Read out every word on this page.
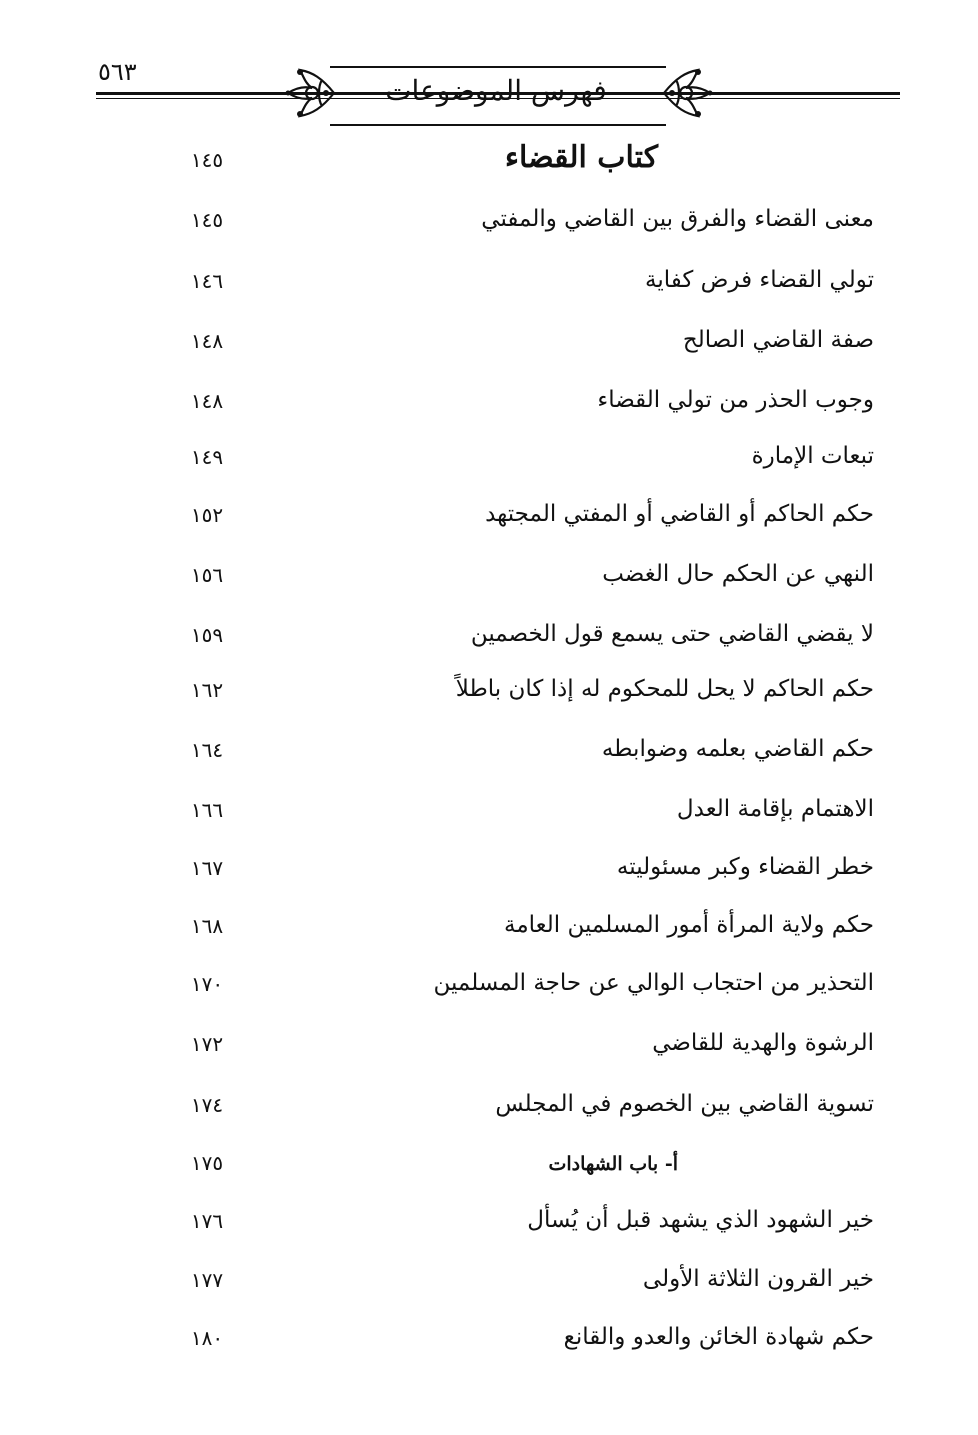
٥٦٣
فهرس الموضوعات
كتاب القضاء
١٤٥
معنى القضاء والفرق بين القاضي والمفتي
١٤٥
تولي القضاء فرض كفاية
١٤٦
صفة القاضي الصالح
١٤٨
وجوب الحذر من تولي القضاء
١٤٨
تبعات الإمارة
١٤٩
حكم الحاكم أو القاضي أو المفتي المجتهد
١٥٢
النهي عن الحكم حال الغضب
١٥٦
لا يقضي القاضي حتى يسمع قول الخصمين
١٥٩
حكم الحاكم لا يحل للمحكوم له إذا كان باطلاً
١٦٢
حكم القاضي بعلمه وضوابطه
١٦٤
الاهتمام بإقامة العدل
١٦٦
خطر القضاء وكبر مسئوليته
١٦٧
حكم ولاية المرأة أمور المسلمين العامة
١٦٨
التحذير من احتجاب الوالي عن حاجة المسلمين
١٧٠
الرشوة والهدية للقاضي
١٧٢
تسوية القاضي بين الخصوم في المجلس
١٧٤
أ- باب الشهادات
١٧٥
خير الشهود الذي يشهد قبل أن يُسأل
١٧٦
خير القرون الثلاثة الأولى
١٧٧
حكم شهادة الخائن والعدو والقانع
١٨٠
